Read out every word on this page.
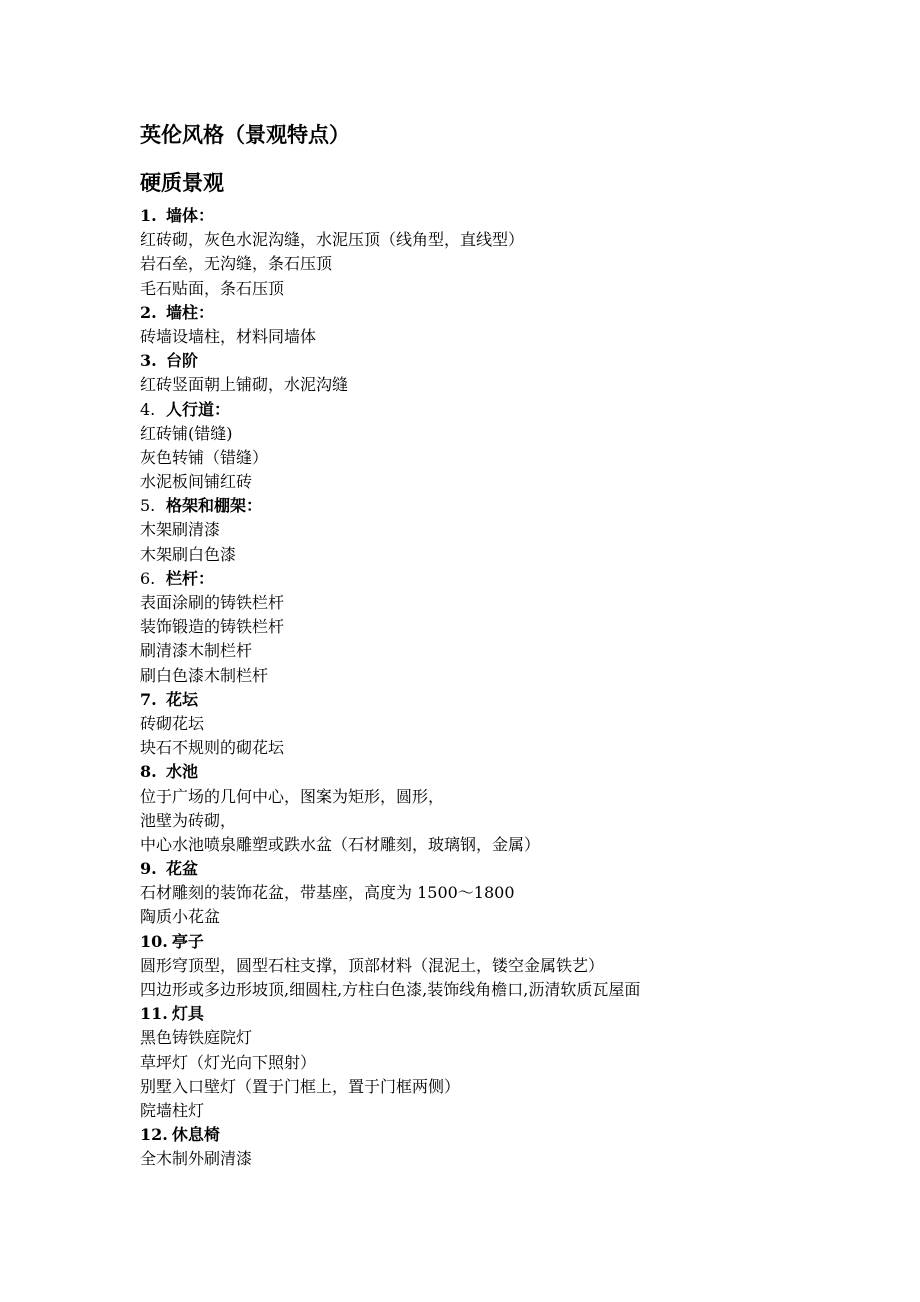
英伦风格（景观特点）
硬质景观
1. 墙体：
红砖砌，灰色水泥沟缝，水泥压顶（线角型，直线型）
岩石垒，无沟缝，条石压顶
毛石贴面，条石压顶
2. 墙柱：
砖墙设墙柱，材料同墙体
3. 台阶
红砖竖面朝上铺砌，水泥沟缝
4. 人行道：
红砖铺(错缝)
灰色转铺（错缝）
水泥板间铺红砖
5. 格架和棚架：
木架刷清漆
木架刷白色漆
6. 栏杆：
表面涂刷的铸铁栏杆
装饰锻造的铸铁栏杆
刷清漆木制栏杆
刷白色漆木制栏杆
7. 花坛
砖砌花坛
块石不规则的砌花坛
8. 水池
位于广场的几何中心，图案为矩形，圆形，
池壁为砖砌，
中心水池喷泉雕塑或跌水盆（石材雕刻，玻璃钢，金属）
9. 花盆
石材雕刻的装饰花盆，带基座，高度为 1500～1800
陶质小花盆
10. 亭子
圆形穹顶型，圆型石柱支撑，顶部材料（混泥土，镂空金属铁艺）
四边形或多边形坡顶,细圆柱,方柱白色漆,装饰线角檐口,沥清软质瓦屋面
11. 灯具
黑色铸铁庭院灯
草坪灯（灯光向下照射）
别墅入口壁灯（置于门框上，置于门框两侧）
院墙柱灯
12. 休息椅
全木制外刷清漆
